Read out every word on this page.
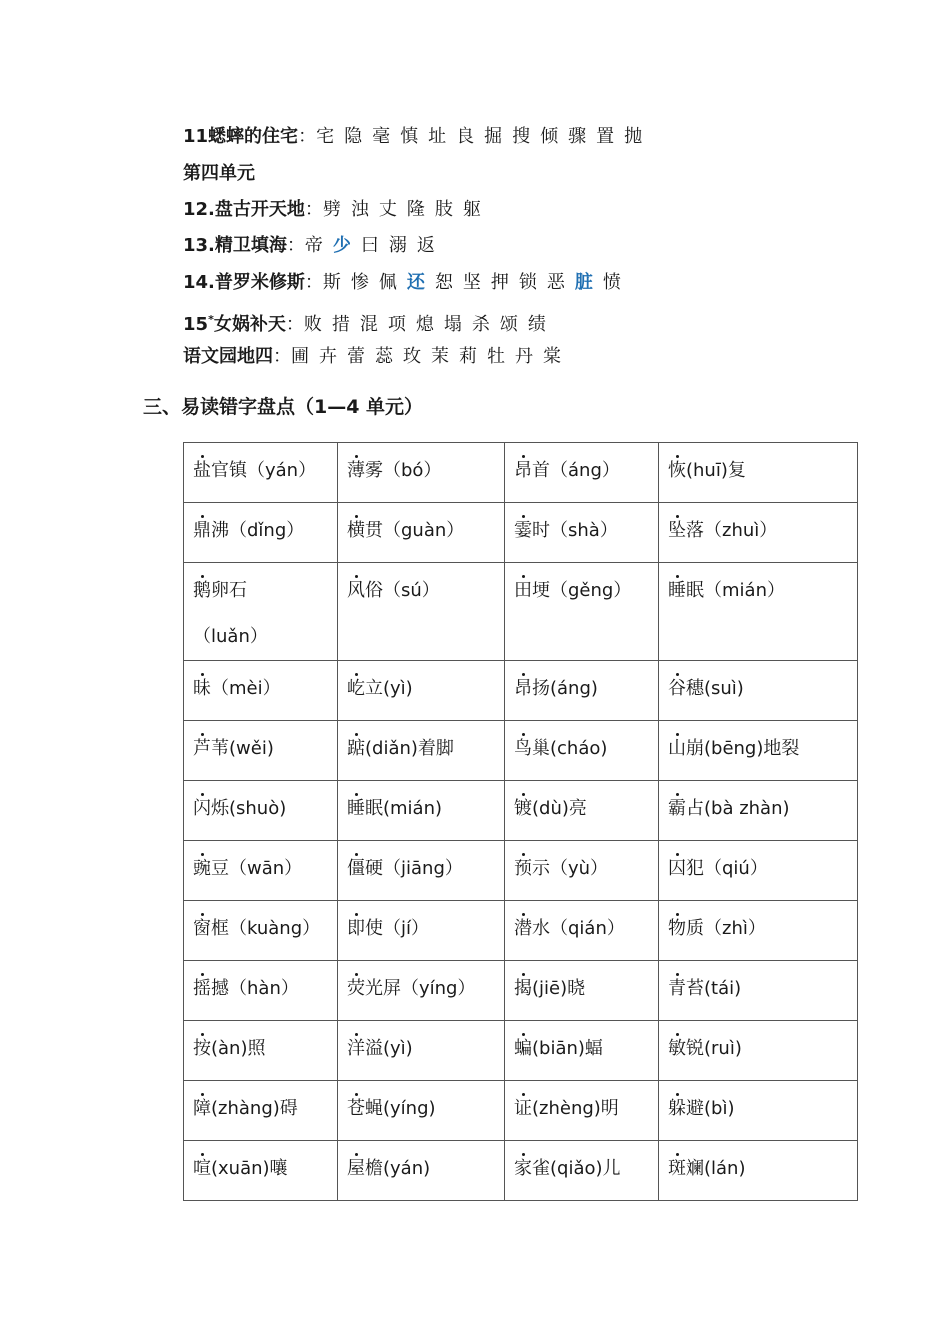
11蟋蟀的住宅：宅 隐 毫 慎 址 良 掘 搜 倾 骤 置 抛
第四单元
12.盘古开天地：劈 浊 丈 隆 肢 躯
13.精卫填海：帝 少 曰 溺 返
14.普罗米修斯：斯 惨 佩 还 恕 坚 押 锁 恶 脏 愤
15*女娲补天：败 措 混 项 熄 塌 杀 颂 绩
语文园地四：圃 卉 蕾 蕊 玫 茉 莉 牡 丹 棠
三、易读错字盘点（1—4 单元）
盐官镇（yán）	薄雾（bó）	昂首（áng）	恢(huī)复
鼎沸（dǐng）	横贯（guàn）	霎时（shà）	坠落（zhuì）
鹅卵石

（luǎn）	风俗（sú）	田埂（gěng）	睡眠（mián）
昧（mèi）	屹立(yì)	昂扬(áng)	谷穗(suì)
芦苇(wěi)	踮(diǎn)着脚	鸟巢(cháo)	山崩(bēng)地裂
闪烁(shuò)	睡眠(mián)	镀(dù)亮	霸占(bà zhàn)
豌豆（wān）	僵硬（jiāng）	预示（yù）	囚犯（qiú）
窗框（kuàng）	即使（jí）	潜水（qián）	物质（zhì）
摇撼（hàn）	荧光屏（yíng）	揭(jiē)晓	青苔(tái)
按(àn)照	洋溢(yì)	蝙(biān)蝠	敏锐(ruì)
障(zhàng)碍	苍蝇(yíng)	证(zhèng)明	躲避(bì)
喧(xuān)嚷	屋檐(yán)	家雀(qiǎo)儿	斑斓(lán)
